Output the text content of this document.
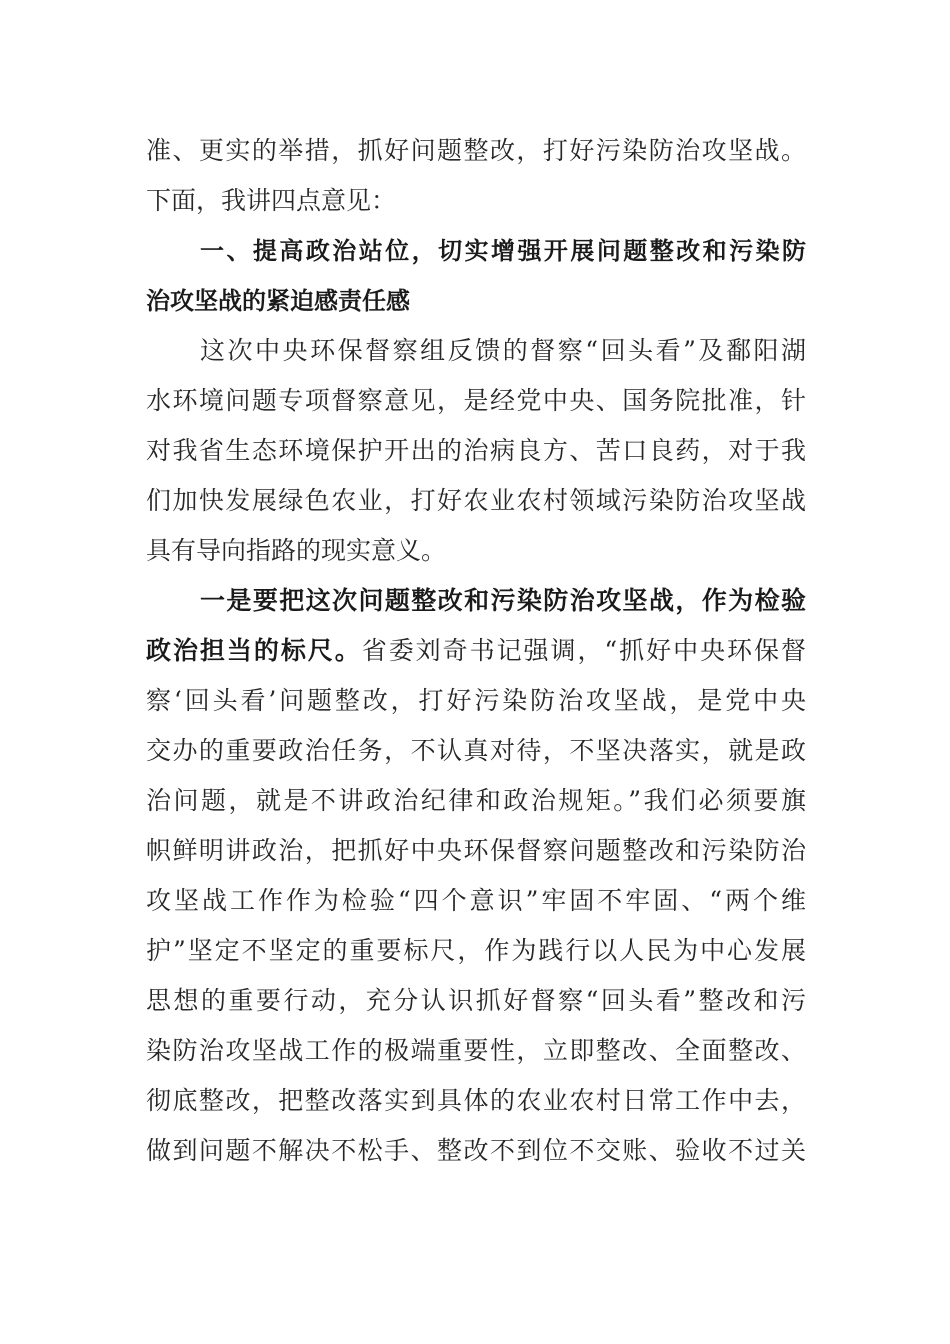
准、更实的举措，抓好问题整改，打好污染防治攻坚战。
下面，我讲四点意见：
一、提高政治站位，切实增强开展问题整改和污染防
治攻坚战的紧迫感责任感
这次中央环保督察组反馈的督察“回头看”及鄱阳湖
水环境问题专项督察意见，是经党中央、国务院批准，针
对我省生态环境保护开出的治病良方、苦口良药，对于我
们加快发展绿色农业，打好农业农村领域污染防治攻坚战
具有导向指路的现实意义。
一是要把这次问题整改和污染防治攻坚战，作为检验
政治担当的标尺。省委刘奇书记强调，“抓好中央环保督
察‘回头看’问题整改，打好污染防治攻坚战，是党中央
交办的重要政治任务，不认真对待，不坚决落实，就是政
治问题，就是不讲政治纪律和政治规矩。”我们必须要旗
帜鲜明讲政治，把抓好中央环保督察问题整改和污染防治
攻坚战工作作为检验“四个意识”牢固不牢固、“两个维
护”坚定不坚定的重要标尺，作为践行以人民为中心发展
思想的重要行动，充分认识抓好督察“回头看”整改和污
染防治攻坚战工作的极端重要性，立即整改、全面整改、
彻底整改，把整改落实到具体的农业农村日常工作中去，
做到问题不解决不松手、整改不到位不交账、验收不过关
